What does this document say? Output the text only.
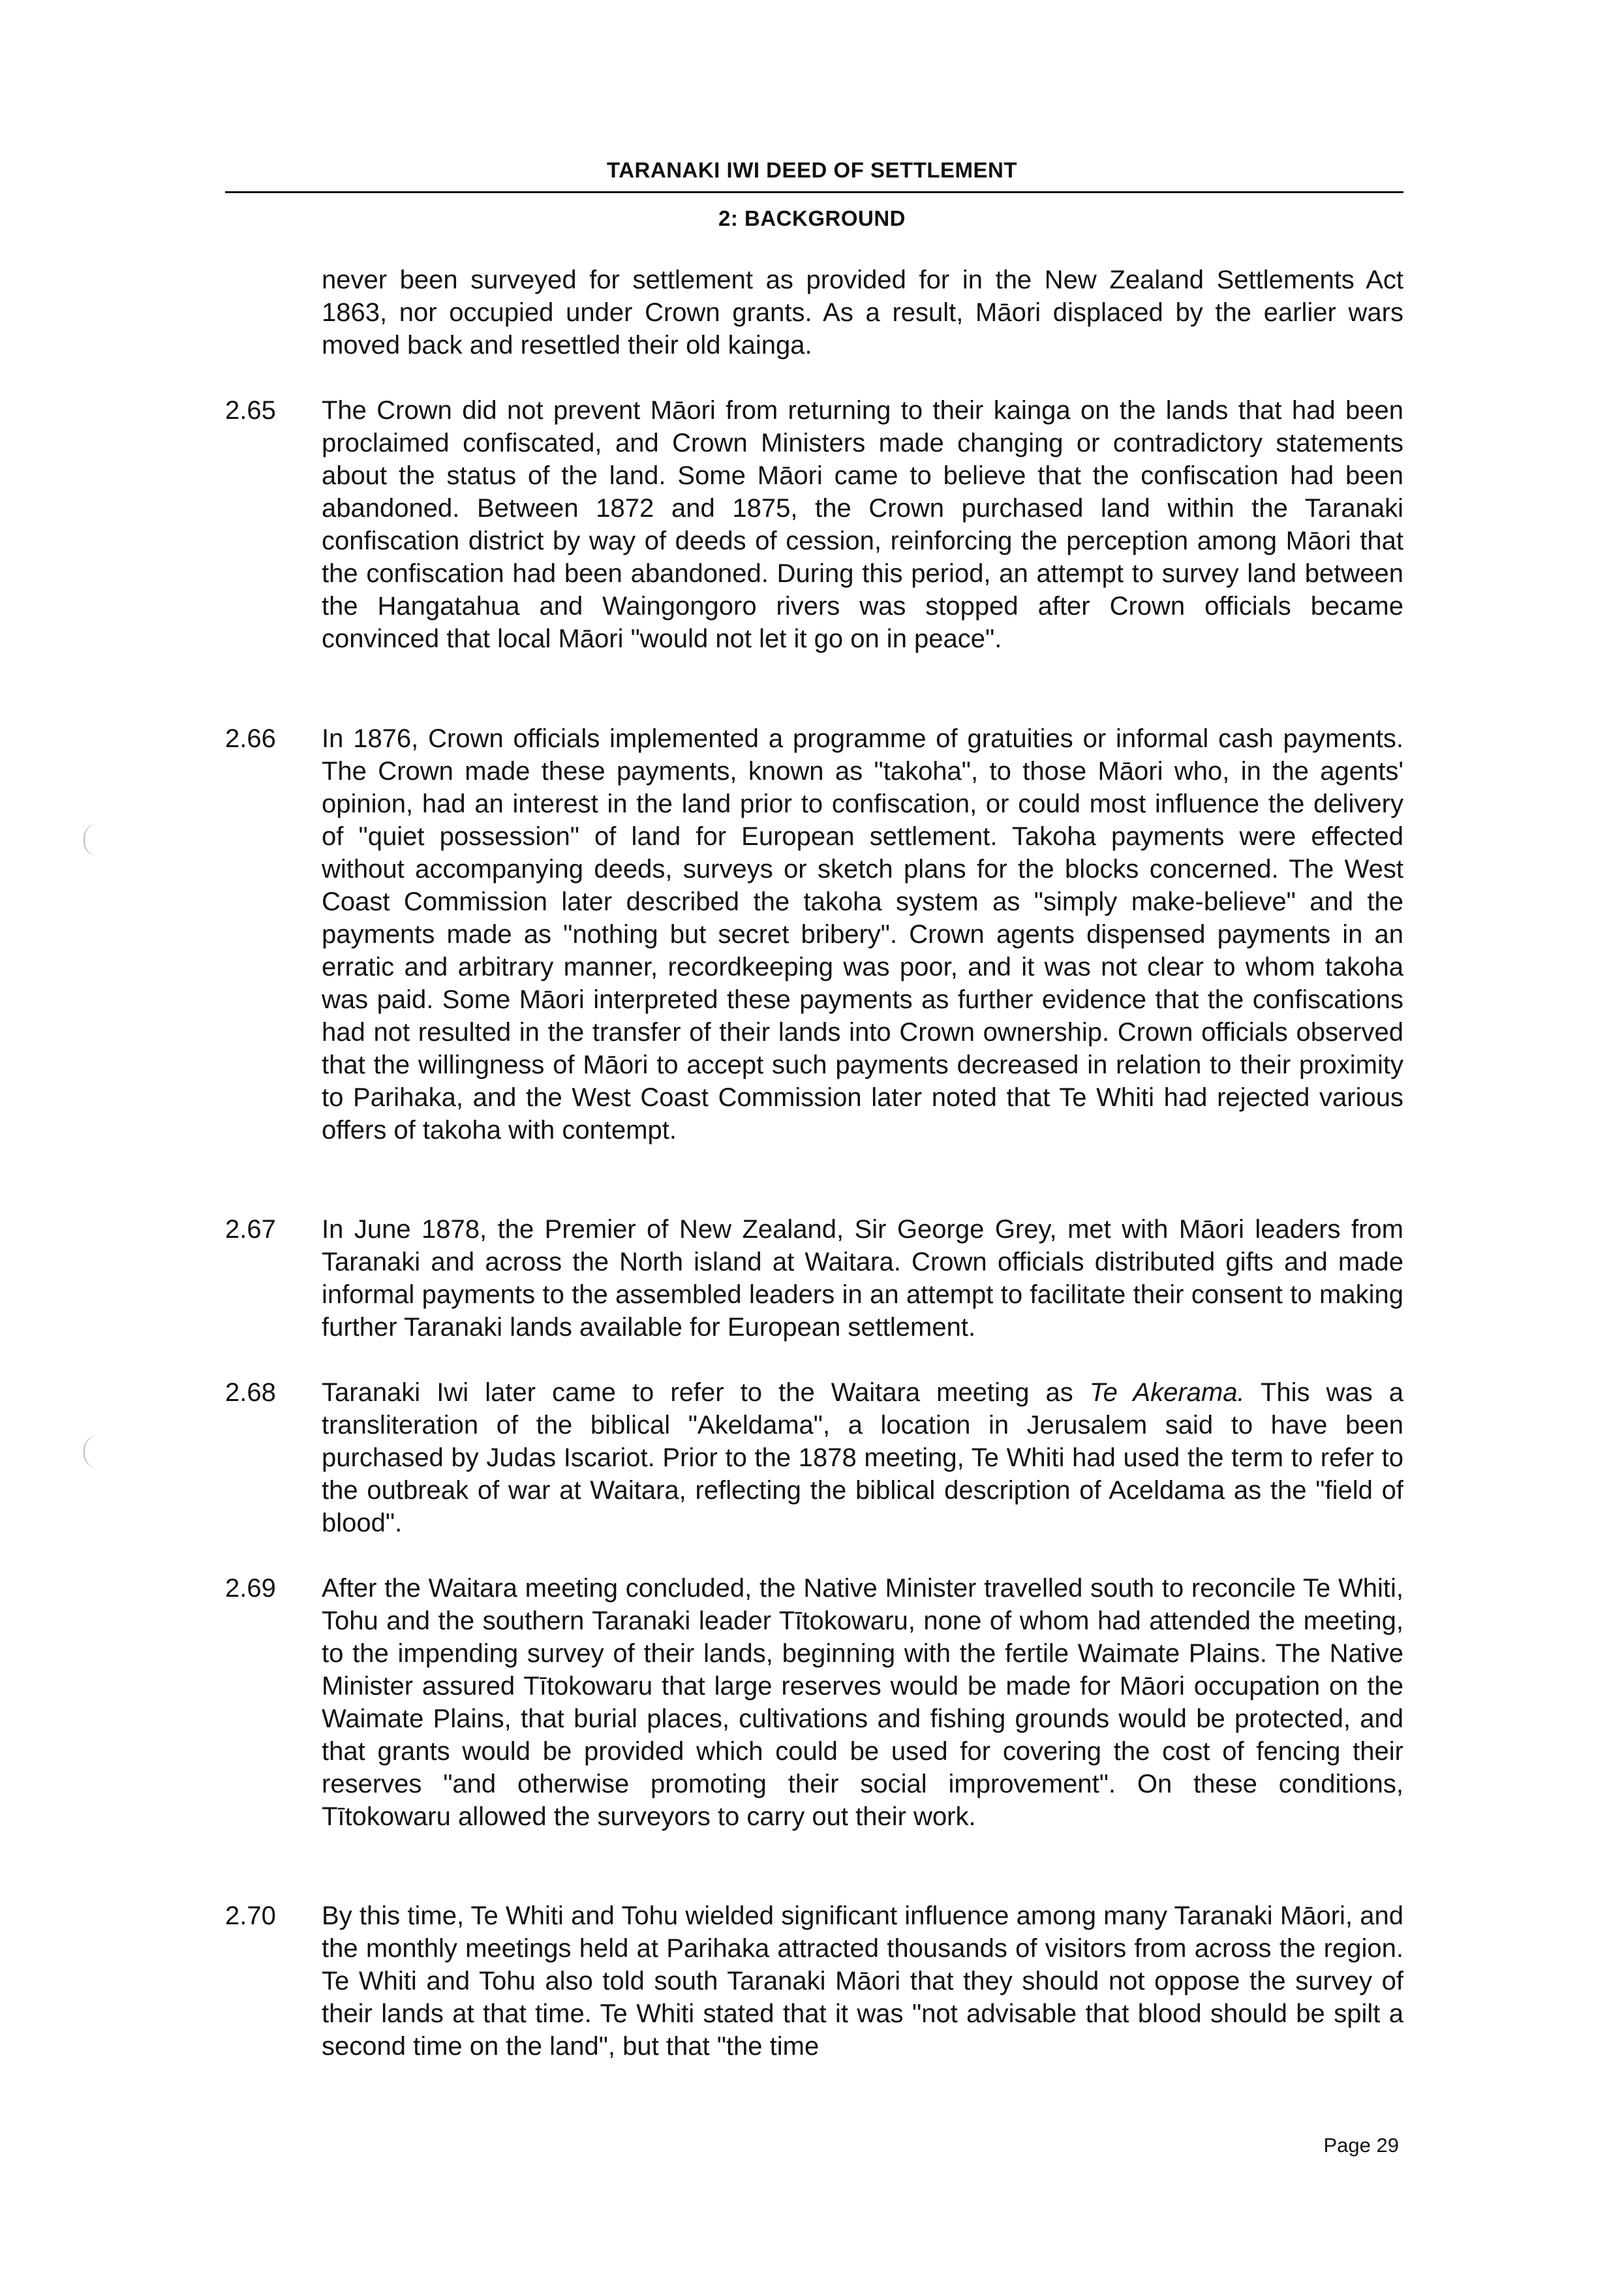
TARANAKI IWI DEED OF SETTLEMENT
2: BACKGROUND
never been surveyed for settlement as provided for in the New Zealand Settlements Act 1863, nor occupied under Crown grants. As a result, Māori displaced by the earlier wars moved back and resettled their old kainga.
2.65	The Crown did not prevent Māori from returning to their kainga on the lands that had been proclaimed confiscated, and Crown Ministers made changing or contradictory statements about the status of the land. Some Māori came to believe that the confiscation had been abandoned. Between 1872 and 1875, the Crown purchased land within the Taranaki confiscation district by way of deeds of cession, reinforcing the perception among Māori that the confiscation had been abandoned. During this period, an attempt to survey land between the Hangatahua and Waingongoro rivers was stopped after Crown officials became convinced that local Māori "would not let it go on in peace".
2.66	In 1876, Crown officials implemented a programme of gratuities or informal cash payments. The Crown made these payments, known as "takoha", to those Māori who, in the agents' opinion, had an interest in the land prior to confiscation, or could most influence the delivery of "quiet possession" of land for European settlement. Takoha payments were effected without accompanying deeds, surveys or sketch plans for the blocks concerned. The West Coast Commission later described the takoha system as "simply make-believe" and the payments made as "nothing but secret bribery". Crown agents dispensed payments in an erratic and arbitrary manner, recordkeeping was poor, and it was not clear to whom takoha was paid. Some Māori interpreted these payments as further evidence that the confiscations had not resulted in the transfer of their lands into Crown ownership. Crown officials observed that the willingness of Māori to accept such payments decreased in relation to their proximity to Parihaka, and the West Coast Commission later noted that Te Whiti had rejected various offers of takoha with contempt.
2.67	In June 1878, the Premier of New Zealand, Sir George Grey, met with Māori leaders from Taranaki and across the North island at Waitara. Crown officials distributed gifts and made informal payments to the assembled leaders in an attempt to facilitate their consent to making further Taranaki lands available for European settlement.
2.68	Taranaki Iwi later came to refer to the Waitara meeting as Te Akerama. This was a transliteration of the biblical "Akeldama", a location in Jerusalem said to have been purchased by Judas Iscariot. Prior to the 1878 meeting, Te Whiti had used the term to refer to the outbreak of war at Waitara, reflecting the biblical description of Aceldama as the "field of blood".
2.69	After the Waitara meeting concluded, the Native Minister travelled south to reconcile Te Whiti, Tohu and the southern Taranaki leader Tītokowaru, none of whom had attended the meeting, to the impending survey of their lands, beginning with the fertile Waimate Plains. The Native Minister assured Tītokowaru that large reserves would be made for Māori occupation on the Waimate Plains, that burial places, cultivations and fishing grounds would be protected, and that grants would be provided which could be used for covering the cost of fencing their reserves "and otherwise promoting their social improvement". On these conditions, Tītokowaru allowed the surveyors to carry out their work.
2.70	By this time, Te Whiti and Tohu wielded significant influence among many Taranaki Māori, and the monthly meetings held at Parihaka attracted thousands of visitors from across the region. Te Whiti and Tohu also told south Taranaki Māori that they should not oppose the survey of their lands at that time. Te Whiti stated that it was "not advisable that blood should be spilt a second time on the land", but that "the time
Page 29
